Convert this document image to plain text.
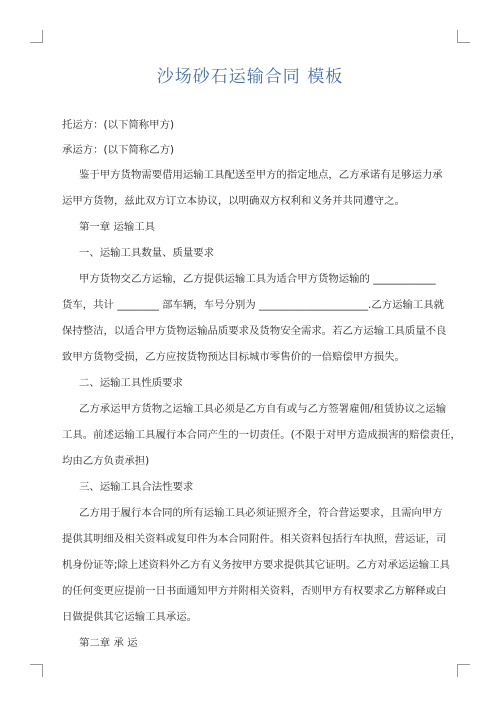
沙场砂石运输合同 模板

托运方：(以下简称甲方)

承运方：(以下简称乙方)

鉴于甲方货物需要借用运输工具配送至甲方的指定地点，乙方承诺有足够运力承

运甲方货物，兹此双方订立本协议，以明确双方权利和义务并共同遵守之。

第一章 运输工具

一、运输工具数量、质量要求

甲方货物交乙方运输，乙方提供运输工具为适合甲方货物运输的 ____________

货车，共计 ________ 部车辆，车号分别为 _____________________.乙方运输工具就

保持整洁，以适合甲方货物运输品质要求及货物安全需求。若乙方运输工具质量不良

致甲方货物受损，乙方应按货物预达目标城市零售价的一倍赔偿甲方损失。

二、运输工具性质要求

乙方承运甲方货物之运输工具必须是乙方自有或与乙方签署雇佣/租赁协议之运输

工具。前述运输工具履行本合同产生的一切责任。(不限于对甲方造成损害的赔偿责任，

均由乙方负责承担)

三、运输工具合法性要求

乙方用于履行本合同的所有运输工具必须证照齐全，符合营运要求，且需向甲方

提供其明细及相关资料或复印件为本合同附件。相关资料包括行车执照，营运证，司

机身份证等;除上述资料外乙方有义务按甲方要求提供其它证明。乙方对承运运输工具

的任何变更应提前一日书面通知甲方并附相关资料，否则甲方有权要求乙方解释或白

日做提供其它运输工具承运。

第二章 承 运
